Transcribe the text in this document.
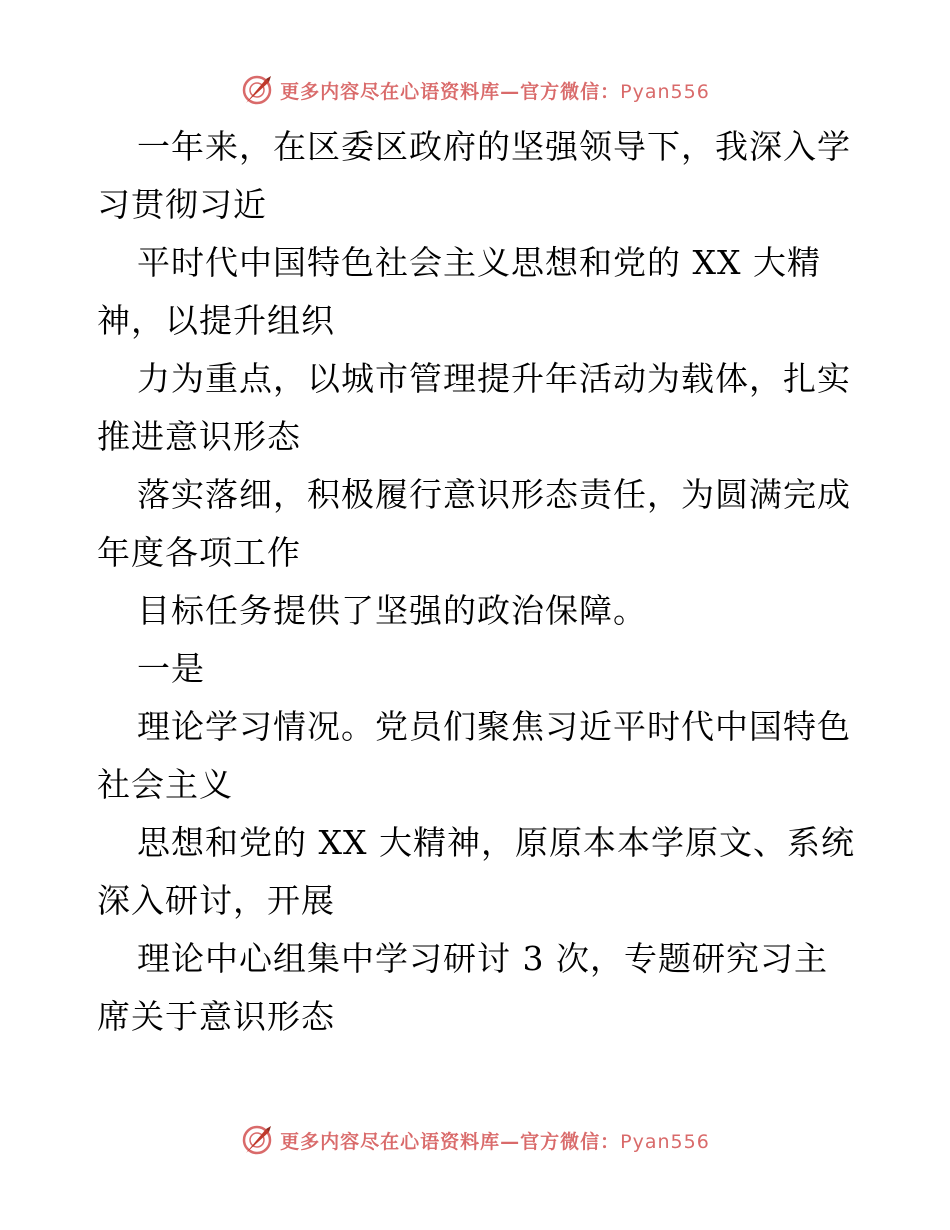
更多内容尽在心语资料库—官方微信：Pyan556
一年来，在区委区政府的坚强领导下，我深入学
习贯彻习近
平时代中国特色社会主义思想和党的 XX 大精
神，以提升组织
力为重点，以城市管理提升年活动为载体，扎实
推进意识形态
落实落细，积极履行意识形态责任，为圆满完成
年度各项工作
目标任务提供了坚强的政治保障。
一是
理论学习情况。党员们聚焦习近平时代中国特色
社会主义
思想和党的 XX 大精神，原原本本学原文、系统
深入研讨，开展
理论中心组集中学习研讨 3 次，专题研究习主
席关于意识形态
更多内容尽在心语资料库—官方微信：Pyan556
